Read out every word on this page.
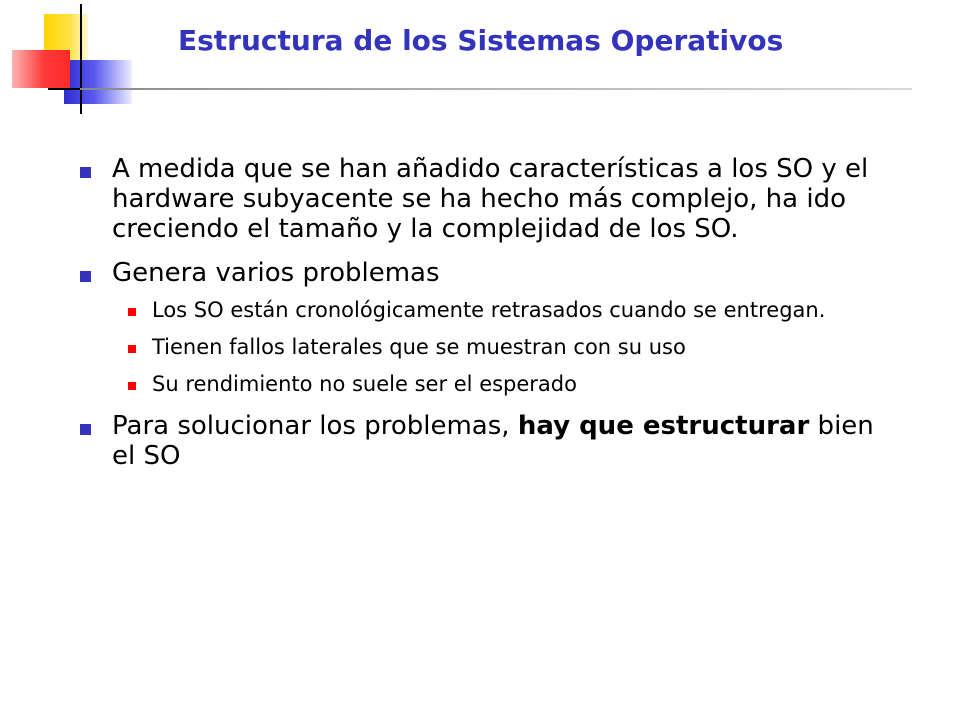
Estructura de los Sistemas Operativos
A medida que se han añadido características a los SO y el hardware subyacente se ha hecho más complejo, ha ido creciendo el tamaño y la complejidad de los SO.
Genera varios problemas
Los SO están cronológicamente retrasados cuando se entregan.
Tienen fallos laterales que se muestran con su uso
Su rendimiento no suele ser el esperado
Para solucionar los problemas, hay que estructurar bien el SO
